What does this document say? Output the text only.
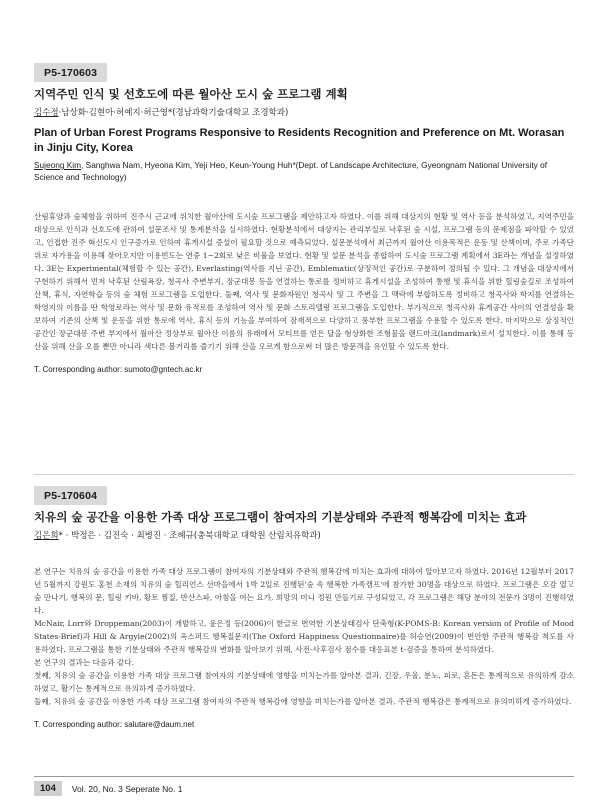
P5-170603
지역주민 인식 및 선호도에 따른 월아산 도시 숲 프로그램 계획
김수정·남상화·김현아·허예지·허근영*(경남과학기술대학교 조경학과)
Plan of Urban Forest Programs Responsive to Residents Recognition and Preference on Mt. Worasan in Jinju City, Korea
Sujeong Kim, Sanghwa Nam, Hyeona Kim, Yeji Heo, Keun-Young Huh*(Dept. of Landscape Architecture, Gyeongnam National University of Science and Technology)

산림휴양과 숲체험을 위하여 진주시 근교에 위치한 월아산에 도시숲 프로그램을 제안하고자 하였다. 이를 위해 대상지의 현황 및 역사 등을 분석하였고, 지역주민을 대상으로 인식과 선호도에 관하여 설문조사 및 통계분석을 실시하였다. 현황분석에서 대상지는 관리부실로 낙후된 숲 시설, 프로그램 등의 문제점을 파악할 수 있었고, 인접한 진주 혁신도시 인구증가로 인하여 휴게시설 증설이 필요할 것으로 예측되었다. 설문분석에서 최근까지 월아산 이용목적은 운동 및 산책이며, 주로 가족단위로 자가용을 이용해 찾아오지만 이용빈도는 연중 1~2회로 낮은 비율을 보였다. 현황 및 설문 분석을 종합하여 도시숲 프로그램 계획에서 3E라는 개념을 설정하였다. 3E는 Experimental(체험할 수 있는 공간), Everlasting(역사를 지닌 공간), Emblematic(상징적인 공간)로 구분하여 정의될 수 있다. 그 개념을 대상지에서 구현하기 위해서 먼저 낙후된 산림욕장, 청곡사 주변부지, 장군대봉 등을 연결하는 통로를 정비하고 휴게시설을 조성하여 통행 및 휴식을 위한 힐링숲길로 조성하여 산책, 휴식, 자연학습 등의 숲 체험 프로그램을 도입한다. 둘째, 역사 및 문화자원인 청곡사 및 그 주변을 그 맥락에 부합하도록 정비하고 청곡사와 학지를 연결하는 학영지의 이름을 딴 학영로라는 역사 및 문화 유적로를 조성하여 역사 및 문화 스토리텔링 프로그램을 도입한다. 부가적으로 청곡사와 휴게공간 사이의 연결성을 확보하여 기존의 산책 및 운동을 위한 통로에 역사, 휴식 등의 기능을 부여하여 잠재적으로 다양하고 풍부한 프로그램을 수용할 수 있도록 한다. 마지막으로 상징적인 공간인 장군대봉 주변 부지에서 월아산 정상부로 월아산 이름의 유래에서 모티브를 얻은 달을 형상화한 조형물을 랜드마크(landmark)로서 설치한다. 이를 통해 등산을 위해 산을 오를 뿐만 아니라 색다른 볼거리를 즐기기 위해 산을 오르게 함으로써 더 많은 방문객을 유인할 수 있도록 한다.

T. Corresponding author: sumoto@gntech.ac.kr
P5-170604
치유의 숲 공간을 이용한 가족 대상 프로그램이 참여자의 기분상태와 주관적 행복감에 미치는 효과
김은희* · 박정은 · 김진숙 · 최병진 · 조혜규(충북대학교 대학원 산림치유학과)

본 연구는 치유의 숲 공간을 이용한 가족 대상 프로그램이 참여자의 기분상태와 주관적 행복감에 미치는 효과에 대하여 알아보고자 하였다. 2016년 12월부터 2017년 5월까지 강원도 홍천 소재의 치유의 숲 힐리언스 선마을에서 1박 2일로 진행된'숲 속 행복한 가족캠프'에 참가한 30명을 대상으로 하였다. 프로그램은 오감 열고 숲 만나기, 행복의 문, 힐링 키바, 황토 찜질, 반산스파, 아침을 여는 요가, 희망의 미니 정원 만들기로 구성되었고, 각 프로그램은 해당 분야의 전문가 3명이 진행하였다.

McNair, Lorr와 Droppeman(2003)이 개발하고, 윤은정 등(2006)이 한글로 번역한 기분상태검사 단축형(K-POMS-B: Korean version of Profile of Mood States-Brief)과 Hill & Argyle(2002)의 옥스퍼드 행복질문지(The Oxford Happiness Questionnaire)를 허승연(2009)이 번안한 주관적 행복감 척도를 사용하였다. 프로그램을 통한 기분상태와 주관적 행복감의 변화를 알아보기 위해, 사전-사후검사 점수를 대응표본 t-검증을 통하여 분석하였다.

본 연구의 결과는 다음과 같다.

첫째, 치유의 숲 공간을 이용한 가족 대상 프로그램 참여자의 기분상태에 영향을 미치는가를 알아본 결과, 긴장, 우울, 분노, 피로, 혼돈은 통계적으로 유의하게 감소하였고, 활기는 통계적으로 유의하게 증가하였다.

둘째, 치유의 숲 공간을 이용한 가족 대상 프로그램 참여자의 주관적 행복감에 영향을 미치는가를 알아본 결과, 주관적 행복감은 통계적으로 유의미하게 증가하였다.

T. Corresponding author: salutare@daum.net
104	Vol. 20, No. 3 Seperate No. 1
